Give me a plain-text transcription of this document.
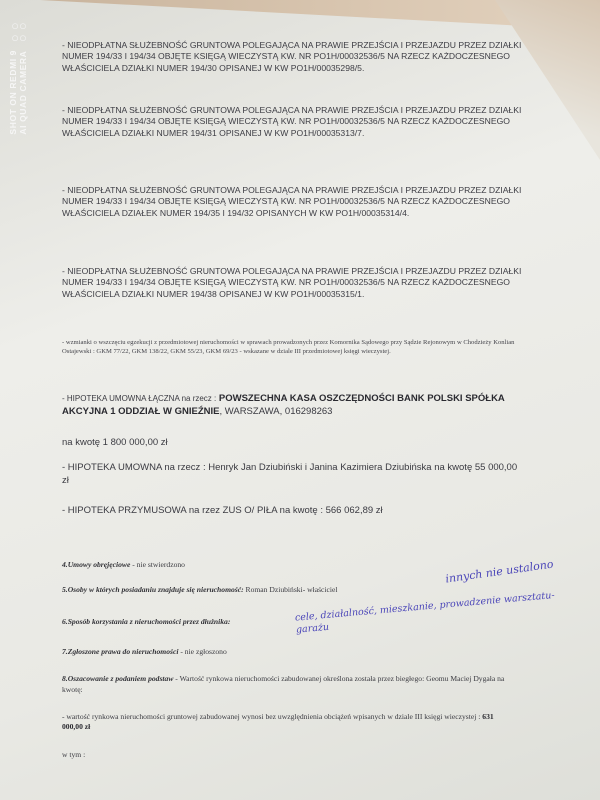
○○
○○
SHOT ON REDMI 9
AI QUAD CAMERA
- NIEODPŁATNA SŁUŻEBNOŚĆ GRUNTOWA POLEGAJĄCA NA PRAWIE PRZEJŚCIA I PRZEJAZDU PRZEZ DZIAŁKI NUMER 194/33 I 194/34 OBJĘTE KSIĘGĄ WIECZYSTĄ KW. NR PO1H/00032536/5 NA RZECZ KAŻDOCZESNEGO WŁAŚCICIELA DZIAŁKI NUMER 194/30 OPISANEJ W KW PO1H/00035298/5.
- NIEODPŁATNA SŁUŻEBNOŚĆ GRUNTOWA POLEGAJĄCA NA PRAWIE PRZEJŚCIA I PRZEJAZDU PRZEZ DZIAŁKI NUMER 194/33 I 194/34 OBJĘTE KSIĘGĄ WIECZYSTĄ KW. NR PO1H/00032536/5 NA RZECZ KAŻDOCZESNEGO WŁAŚCICIELA DZIAŁKI NUMER 194/31 OPISANEJ W KW PO1H/00035313/7.
- NIEODPŁATNA SŁUŻEBNOŚĆ GRUNTOWA POLEGAJĄCA NA PRAWIE PRZEJŚCIA I PRZEJAZDU PRZEZ DZIAŁKI NUMER 194/33 I 194/34 OBJĘTE KSIĘGĄ WIECZYSTĄ KW. NR PO1H/00032536/5 NA RZECZ KAŻDOCZESNEGO WŁAŚCICIELA DZIAŁEK NUMER 194/35 I 194/32 OPISANYCH W KW PO1H/00035314/4.
- NIEODPŁATNA SŁUŻEBNOŚĆ GRUNTOWA POLEGAJĄCA NA PRAWIE PRZEJŚCIA I PRZEJAZDU PRZEZ DZIAŁKI NUMER 194/33 I 194/34 OBJĘTE KSIĘGĄ WIECZYSTĄ KW. NR PO1H/00032536/5 NA RZECZ KAŻDOCZESNEGO WŁAŚCICIELA DZIAŁKI NUMER 194/38 OPISANEJ W KW PO1H/00035315/1.
- wzmianki o wszczęciu egzekucji z przedmiotowej nieruchomości w sprawach prowadzonych przez Komornika Sądowego przy Sądzie Rejonowym w Chodzieży Konlian Ostajewski : GKM 77/22, GKM 138/22, GKM 55/23, GKM 69/23 - wskazane w dziale III przedmiotowej księgi wieczystej.
- HIPOTEKA UMOWNA ŁĄCZNA na rzecz : POWSZECHNA KASA OSZCZĘDNOŚCI BANK POLSKI SPÓŁKA AKCYJNA 1 ODDZIAŁ W GNIEŹNIE, WARSZAWA, 016298263
na kwotę 1 800 000,00 zł
- HIPOTEKA UMOWNA na rzecz : Henryk Jan Dziubiński i Janina Kazimiera Dziubińska na kwotę 55 000,00 zł
- HIPOTEKA PRZYMUSOWA na rzez ZUS O/ PIŁA na kwotę : 566 062,89 zł
4.Umowy obręjęciowe - nie stwierdzono
5.Osoby w których posiadaniu znajduje się nieruchomość: Roman Dziubiński- właściciel
innych nie ustalono
6.Sposób korzystania z nieruchomości przez dłużnika:	cele, działalność, mieszkanie, prowadzenie warsztatu-garażu
7.Zgłoszone prawa do nieruchomości - nie zgłoszono
8.Oszacowanie z podaniem podstaw - Wartość rynkowa nieruchomości zabudowanej określona została przez biegłego: Geomu Maciej Dygała na kwotę:
- wartość rynkowa nieruchomości gruntowej zabudowanej wynosi bez uwzględnienia obciążeń wpisanych w dziale III księgi wieczystej : 631 000,00 zł
w tym :
